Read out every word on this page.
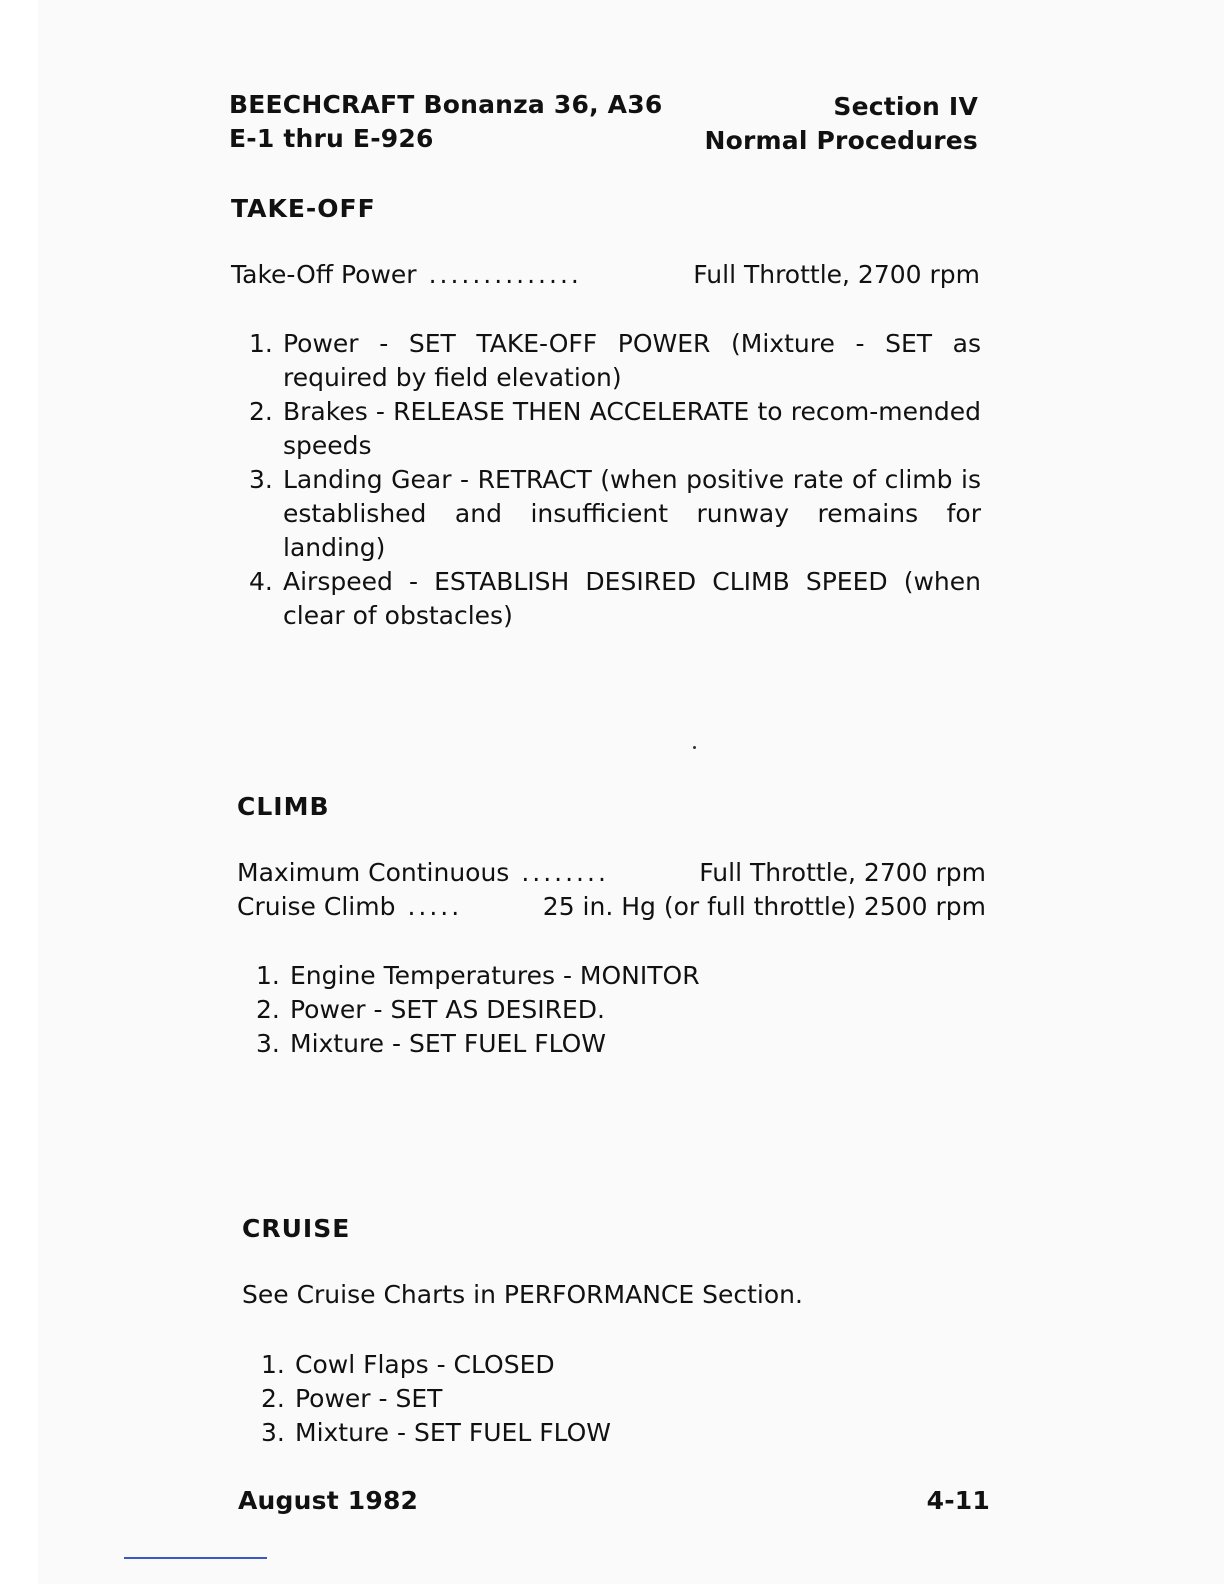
BEECHCRAFT Bonanza 36, A36
E-1 thru E-926
Section IV
Normal Procedures
TAKE-OFF
Take-Off Power ..............	Full Throttle, 2700 rpm
1. Power - SET TAKE-OFF POWER (Mixture - SET as required by field elevation)
2. Brakes - RELEASE THEN ACCELERATE to recom-mended speeds
3. Landing Gear - RETRACT (when positive rate of climb is established and insufficient runway remains for landing)
4. Airspeed - ESTABLISH DESIRED CLIMB SPEED (when clear of obstacles)
CLIMB
Maximum Continuous ........	Full Throttle, 2700 rpm
Cruise Climb .....	25 in. Hg (or full throttle) 2500 rpm
1. Engine Temperatures - MONITOR
2. Power - SET AS DESIRED.
3. Mixture - SET FUEL FLOW
CRUISE
See Cruise Charts in PERFORMANCE Section.
1. Cowl Flaps - CLOSED
2. Power - SET
3. Mixture - SET FUEL FLOW
August 1982	4-11
